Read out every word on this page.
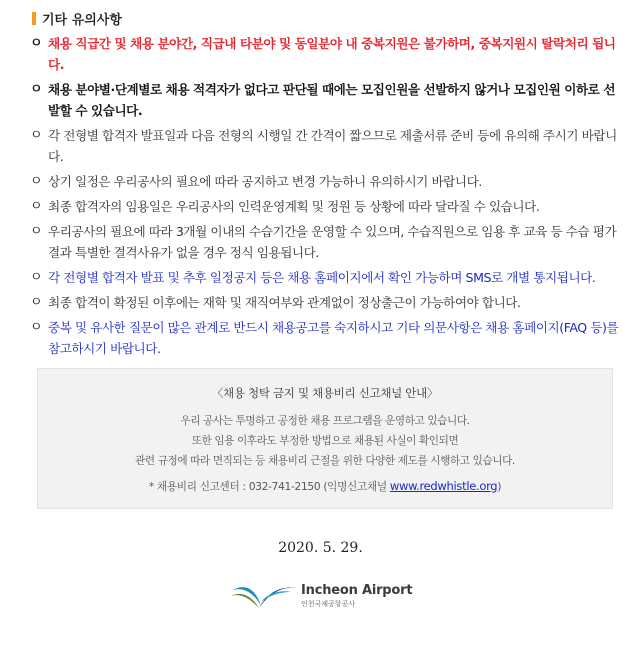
기타 유의사항
ㅇ 채용 직급간 및 채용 분야간, 직급내 타분야 및 동일분야 내 중복지원은 불가하며, 중복지원시 탈락처리 됩니다.
ㅇ 채용 분야별·단계별로 채용 적격자가 없다고 판단될 때에는 모집인원을 선발하지 않거나 모집인원 이하로 선발할 수 있습니다.
ㅇ 각 전형별 합격자 발표일과 다음 전형의 시행일 간 간격이 짧으므로 제출서류 준비 등에 유의해 주시기 바랍니다.
ㅇ 상기 일정은 우리공사의 필요에 따라 공지하고 변경 가능하니 유의하시기 바랍니다.
ㅇ 최종 합격자의 임용일은 우리공사의 인력운영계획 및 정원 등 상황에 따라 달라질 수 있습니다.
ㅇ 우리공사의 필요에 따라 3개월 이내의 수습기간을 운영할 수 있으며, 수습직원으로 임용 후 교육 등 수습 평가 결과 특별한 결격사유가 없을 경우 정식 임용됩니다.
ㅇ 각 전형별 합격자 발표 및 추후 일정공지 등은 채용 홈페이지에서 확인 가능하며 SMS로 개별 통지됩니다.
ㅇ 최종 합격이 확정된 이후에는 재학 및 재직여부와 관계없이 정상출근이 가능하여야 합니다.
ㅇ 중복 및 유사한 질문이 많은 관계로 반드시 채용공고를 숙지하시고 기타 의문사항은 채용 홈페이지(FAQ 등)를 참고하시기 바랍니다.
〈채용 청탁 금지 및 채용비리 신고채널 안내〉
우리 공사는 투명하고 공정한 채용 프로그램을 운영하고 있습니다.
또한 임용 이후라도 부정한 방법으로 채용된 사실이 확인되면
관련 규정에 따라 면직되는 등 채용비리 근절을 위한 다양한 제도를 시행하고 있습니다.
* 채용비리 신고센터 : 032-741-2150 (익명신고채널 www.redwhistle.org)
2020. 5. 29.
Incheon Airport
인천국제공항공사
